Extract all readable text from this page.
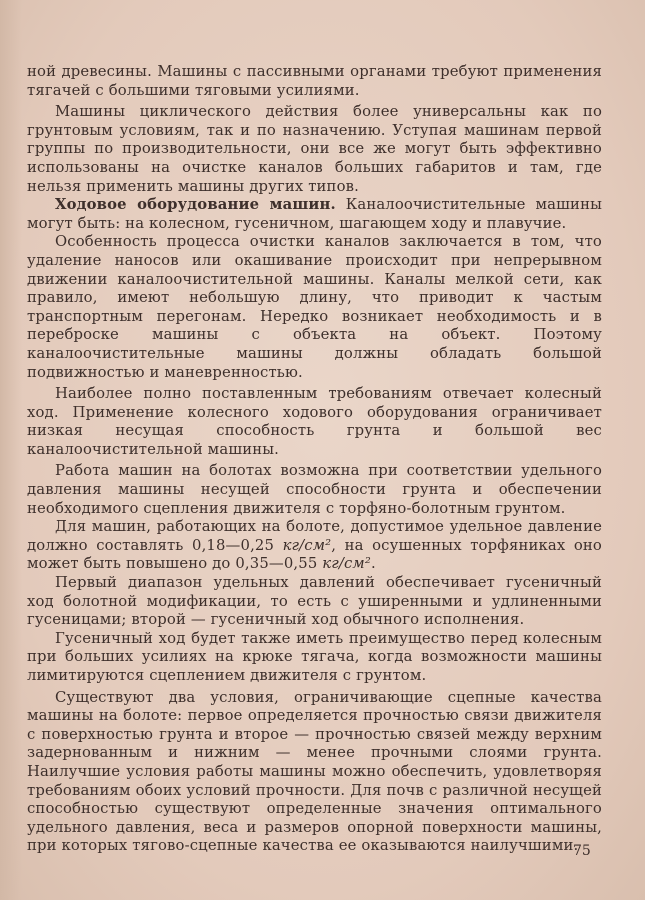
ной древесины. Машины с пассивными органами требуют применения тягачей с большими тяговыми усилиями.

Машины циклического действия более универсальны как по грунтовым условиям, так и по назначению. Уступая машинам первой группы по производительности, они все же могут быть эффективно использованы на очистке каналов больших габаритов и там, где нельзя применить машины других типов.

Ходовое оборудование машин. Каналоочистительные машины могут быть: на колесном, гусеничном, шагающем ходу и плавучие.

Особенность процесса очистки каналов заключается в том, что удаление наносов или окашивание происходит при непрерывном движении каналоочистительной машины. Каналы мелкой сети, как правило, имеют небольшую длину, что приводит к частым транспортным перегонам. Нередко возникает необходимость и в переброске машины с объекта на объект. Поэтому каналоочистительные машины должны обладать большой подвижностью и маневренностью.

Наиболее полно поставленным требованиям отвечает колесный ход. Применение колесного ходового оборудования ограничивает низкая несущая способность грунта и большой вес каналоочистительной машины.

Работа машин на болотах возможна при соответствии удельного давления машины несущей способности грунта и обеспечении необходимого сцепления движителя с торфяно-болотным грунтом.

Для машин, работающих на болоте, допустимое удельное давление должно составлять 0,18—0,25 кг/см², на осушенных торфяниках оно может быть повышено до 0,35—0,55 кг/см².

Первый диапазон удельных давлений обеспечивает гусеничный ход болотной модификации, то есть с уширенными и удлиненными гусеницами; второй — гусеничный ход обычного исполнения.

Гусеничный ход будет также иметь преимущество перед колесным при больших усилиях на крюке тягача, когда возможности машины лимитируются сцеплением движителя с грунтом.

Существуют два условия, ограничивающие сцепные качества машины на болоте: первое определяется прочностью связи движителя с поверхностью грунта и второе — прочностью связей между верхним задернованным и нижним — менее прочными слоями грунта. Наилучшие условия работы машины можно обеспечить, удовлетворяя требованиям обоих условий прочности. Для почв с различной несущей способностью существуют определенные значения оптимального удельного давления, веса и размеров опорной поверхности машины, при которых тягово-сцепные качества ее оказываются наилучшими.

75
